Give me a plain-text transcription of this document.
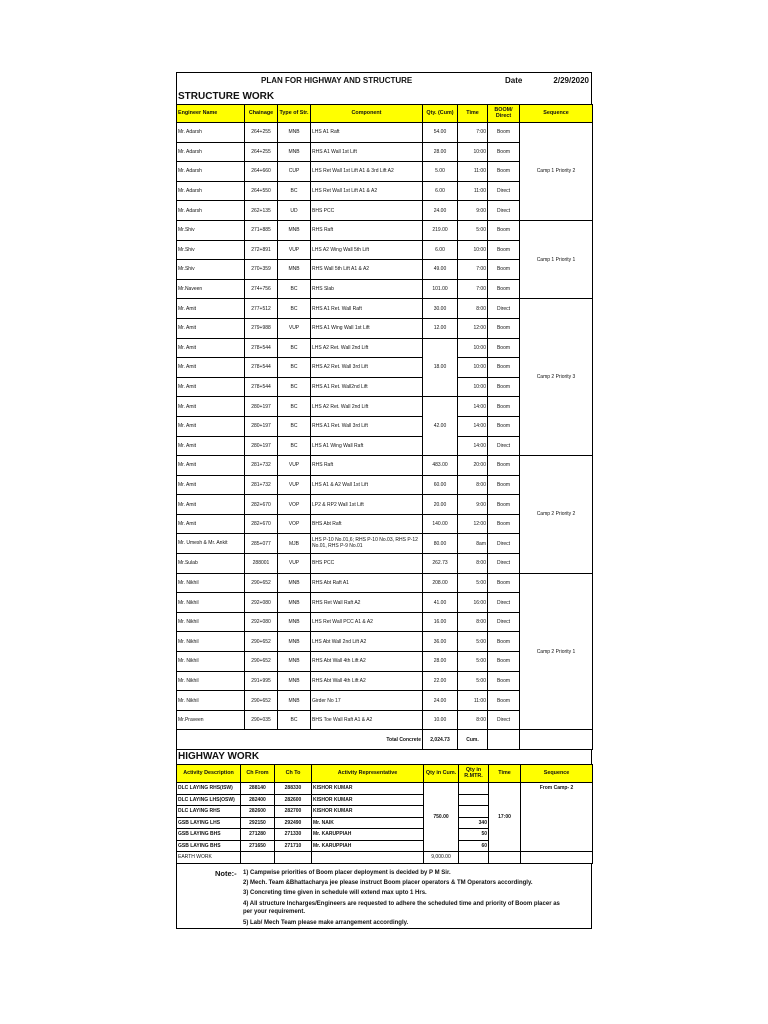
PLAN FOR HIGHWAY AND STRUCTURE	Date	2/29/2020
STRUCTURE WORK
Engineer Name	Chainage	Type of Str.	Component	Qty. (Cum)	Time	BOOM/ Direct	Sequence
Mr. Adarsh	264+255	MNB	LHS A1 Raft	54.00	7:00	Boom	Camp 1 Priority 2
Mr. Adarsh	264+255	MNB	RHS A1 Wall 1st Lift	28.00	10:00	Boom	
Mr. Adarsh	264+660	CUP	LHS Ret Wall 1st Lift A1 & 3rd Lift A2	5.00	11:00	Boom	
Mr. Adarsh	264+550	BC	LHS Ret Wall 1st Lift A1 & A2	6.00	11:00	Direct	
Mr. Adarsh	262+135	UD	BHS PCC	24.00	9:00	Direct	
Mr.Shiv	271+885	MNB	RHS Raft	219.00	5:00	Boom	Camp 1 Priority 1
Mr.Shiv	272+891	VUP	LHS A2 Wing Wall 5th Lift	6.00	10:00	Boom	
Mr.Shiv	270+359	MNB	RHS Wall 5th Lift A1 & A2	49.00	7:00	Boom	
Mr.Naveen	274+756	BC	RHS Slab	101.00	7:00	Boom	
Mr. Amit	277+512	BC	RHS A1 Ret. Wall Raft	30.00	8:00	Direct	Camp 2 Priority 3
Mr. Amit	279+988	VUP	RHS A1 Wing Wall 1st Lift	12.00	12:00	Boom	
Mr. Amit	278+544	BC	LHS A2 Ret. Wall 2nd Lift	18.00	10:00	Boom	
Mr. Amit	278+544	BC	RHS A2 Ret. Wall 3rd Lift		10:00	Boom	
Mr. Amit	278+544	BC	RHS A1 Ret. Wall2nd Lift		10:00	Boom	
Mr. Amit	280+197	BC	LHS A2 Ret. Wall 2nd Lift	42.00	14:00	Boom	
Mr. Amit	280+197	BC	RHS A1 Ret. Wall 3rd Lift		14:00	Boom	
Mr. Amit	280+197	BC	LHS A1 Wing Wall Raft		14:00	Direct	
Mr. Amit	281+732	VUP	RHS Raft	483.00	20:00	Boom	Camp 2 Priority 2
Mr. Amit	281+732	VUP	LHS A1 & A2 Wall 1st Lift	60.00	8:00	Boom	
Mr. Amit	282+670	VOP	LP2 & RP2 Wall 1st Lift	20.00	9:00	Boom	
Mr. Amit	282+670	VOP	BHS Abt Raft	140.00	12:00	Boom	
Mr. Umesh & Mr. Ankit	285+077	MJB	LHS P-10 No.01,6; RHS P-10 No.03, RHS P-12 No.01, RHS P-9 No.01	80.00	8am	Direct	
Mr.Sulab	288001	VUP	BHS PCC	262.73	8:00	Direct	
Mr. Nikhil	290+652	MNB	RHS Abt Raft A1	208.00	5:00	Boom	Camp 2 Priority 1
Mr. Nikhil	292+080	MNB	RHS Ret Wall Raft A2	41.00	16:00	Direct	
Mr. Nikhil	292+080	MNB	LHS Ret Wall PCC A1 & A2	16.00	8:00	Direct	
Mr. Nikhil	290+652	MNB	LHS Abt Wall 2nd Lift A2	36.00	5:00	Boom	
Mr. Nikhil	290+652	MNB	RHS Abt Wall 4th Lift A2	28.00	5:00	Boom	
Mr. Nikhil	291+995	MNB	RHS Abt Wall 4th Lift A2	22.00	5:00	Boom	
Mr. Nikhil	290+652	MNB	Girder No 17	24.00	11:00	Boom	
Mr.Praveen	290+035	BC	BHS Toe Wall Raft A1 & A2	10.00	8:00	Direct	
Total Concrete				2,024.73	Cum.		
HIGHWAY WORK
Activity Description	Ch From	Ch To	Activity Representative	Qty in Cum.	Qty in R.MTR.	Time	Sequence
DLC LAYING RHS(ISW)	288140	288330	KISHOR KUMAR	750.00		17:00	From Camp- 2
DLC LAYING LHS(OSW)	282400	282600	KISHOR KUMAR				
DLC LAYING RHS	282600	282700	KISHOR KUMAR				
GSB LAYING LHS	292150	292490	Mr. NAIK		340		
GSB LAYING BHS	271280	271330	Mr. KARUPPIAH		50		
GSB LAYING BHS	271650	271710	Mr. KARUPPIAH		60		
EARTH WORK				9,000.00			
Note:- 1) Campwise priorities of Boom placer deployment is decided by P M Sir.
2) Mech. Team &Bhattacharya jee please instruct Boom placer operators & TM Operators accordingly.
3) Concreting time given in schedule will extend max upto 1 Hrs.
4) All structure Incharges/Engineers are requested to adhere the scheduled time and priority of Boom placer as
per your requirement.
5) Lab/ Mech Team please make arrangement accordingly.
